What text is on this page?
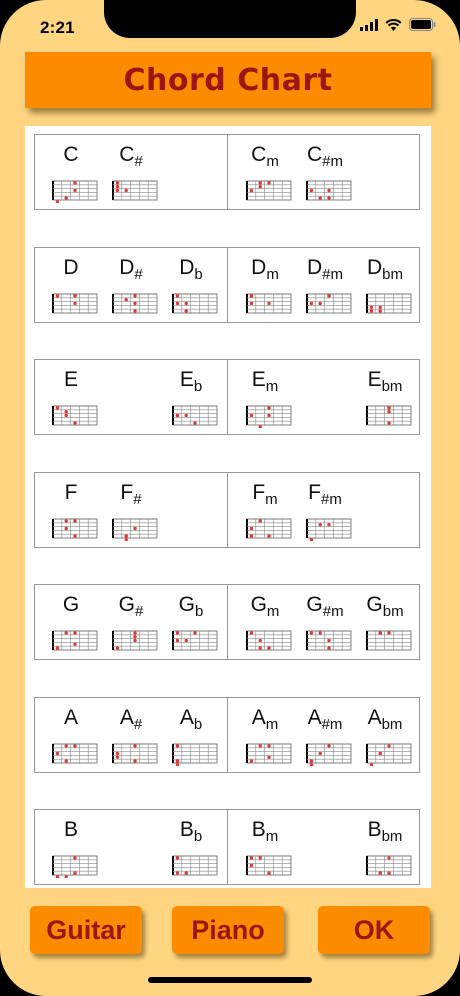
2:21
Chord Chart
C	$C_{\#}$	$C_m$	$C_{\#m}$
D	$D_{\#}$	$D_b$	$D_m$	$D_{\#m}$	$D_{bm}$
E	$E_b$	$E_m$	$E_{bm}$
F	$F_{\#}$	$F_m$	$F_{\#m}$
G	$G_{\#}$	$G_b$	$G_m$	$G_{\#m}$	$G_{bm}$
A	$A_{\#}$	$A_b$	$A_m$	$A_{\#m}$	$A_{bm}$
B	$B_b$	$B_m$	$B_{bm}$
Guitar	Piano	OK
